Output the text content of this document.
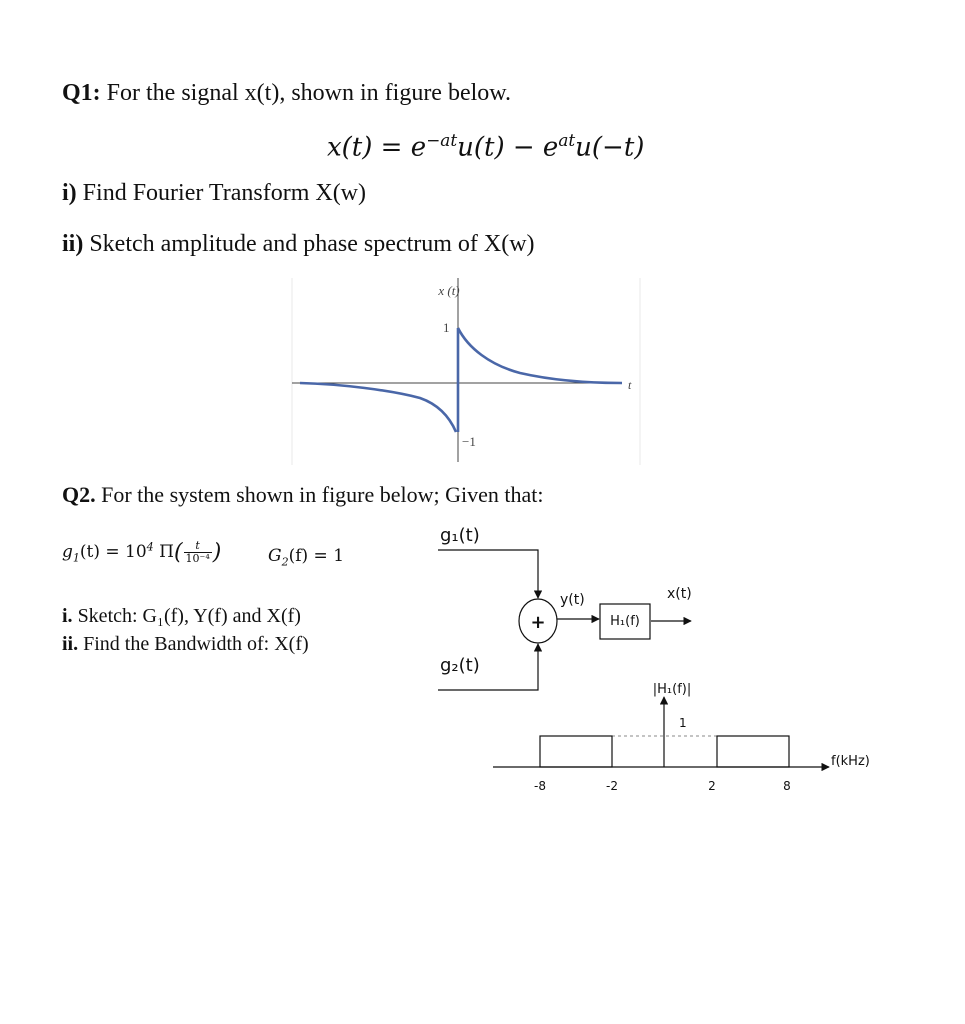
Q1: For the signal x(t), shown in figure below.
$x(t) = e^{-at}u(t) - e^{at}u(-t)$
i) Find Fourier Transform X(w)
ii) Sketch amplitude and phase spectrum of X(w)
x (t)
t
1
−1
Q2. For the system shown in figure below; Given that:
$g_1(t) = 10^4$ $\Pi( \frac{t}{\text{10⁻⁴}}$ )	$G_2(f) = 1$
i. Sketch: G₁(f), Y(f) and X(f)
ii. Find the Bandwidth of: X(f)
g₁(t)
+
g₂(t)
y(t)
H₁(f)
x(t)
|H₁(f)|
f(kHz)
1
-8	-2	2	8
